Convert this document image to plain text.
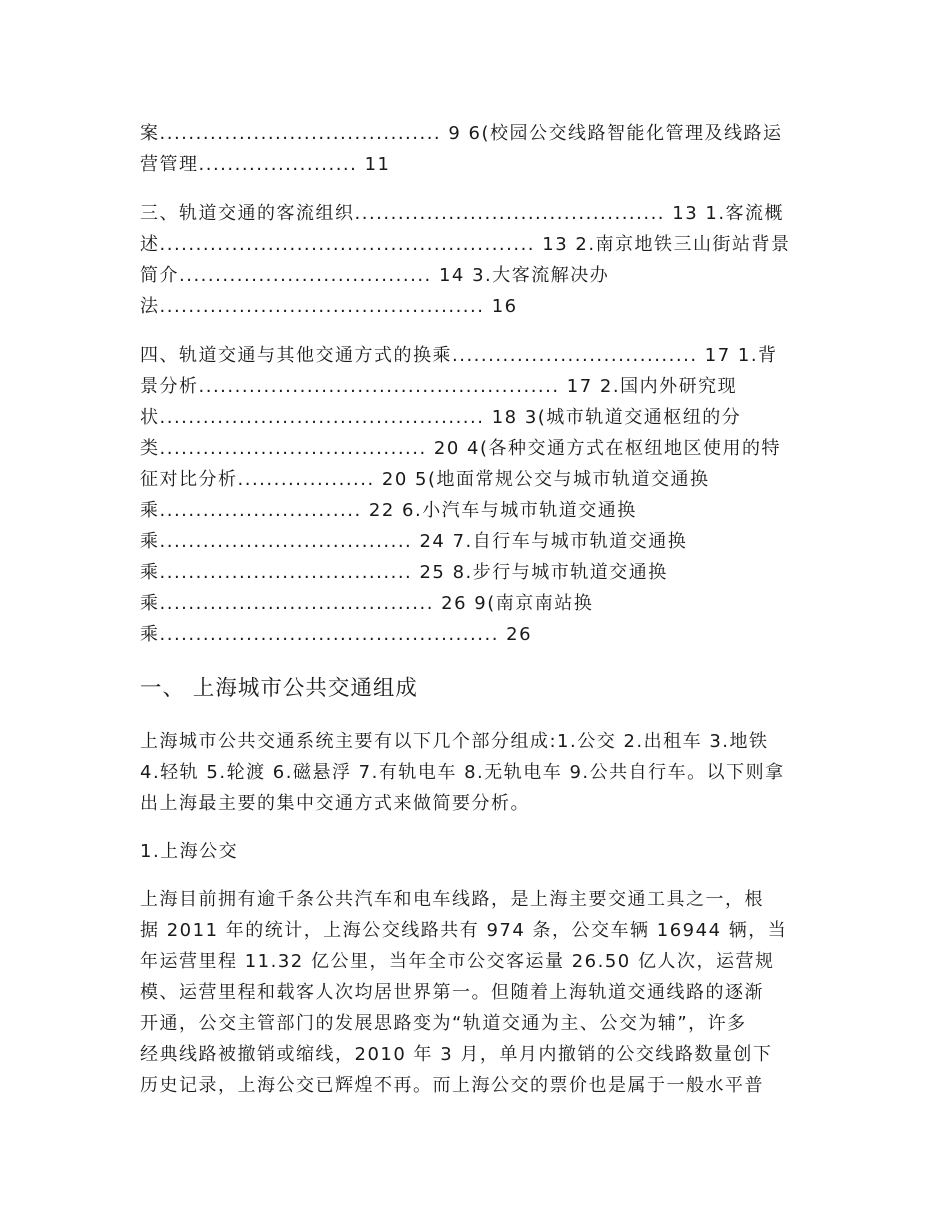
案....................................... 9 6(校园公交线路智能化管理及线路运
营管理...................... 11
三、轨道交通的客流组织........................................... 13 1.客流概
述.................................................... 13 2.南京地铁三山街站背景
简介................................... 14 3.大客流解决办
法............................................. 16
四、轨道交通与其他交通方式的换乘.................................. 17 1.背
景分析.................................................. 17 2.国内外研究现
状............................................. 18 3(城市轨道交通枢纽的分
类..................................... 20 4(各种交通方式在枢纽地区使用的特
征对比分析................... 20 5(地面常规公交与城市轨道交通换
乘............................ 22 6.小汽车与城市轨道交通换
乘................................... 24 7.自行车与城市轨道交通换
乘................................... 25 8.步行与城市轨道交通换
乘...................................... 26 9(南京南站换
乘............................................... 26
一、 上海城市公共交通组成
上海城市公共交通系统主要有以下几个部分组成:1.公交 2.出租车 3.地铁
4.轻轨 5.轮渡 6.磁悬浮 7.有轨电车 8.无轨电车 9.公共自行车。以下则拿
出上海最主要的集中交通方式来做简要分析。
1.上海公交
上海目前拥有逾千条公共汽车和电车线路，是上海主要交通工具之一，根
据 2011 年的统计，上海公交线路共有 974 条，公交车辆 16944 辆，当
年运营里程 11.32 亿公里，当年全市公交客运量 26.50 亿人次，运营规
模、运营里程和载客人次均居世界第一。但随着上海轨道交通线路的逐渐
开通，公交主管部门的发展思路变为“轨道交通为主、公交为辅”，许多
经典线路被撤销或缩线，2010 年 3 月，单月内撤销的公交线路数量创下
历史记录，上海公交已辉煌不再。而上海公交的票价也是属于一般水平普
